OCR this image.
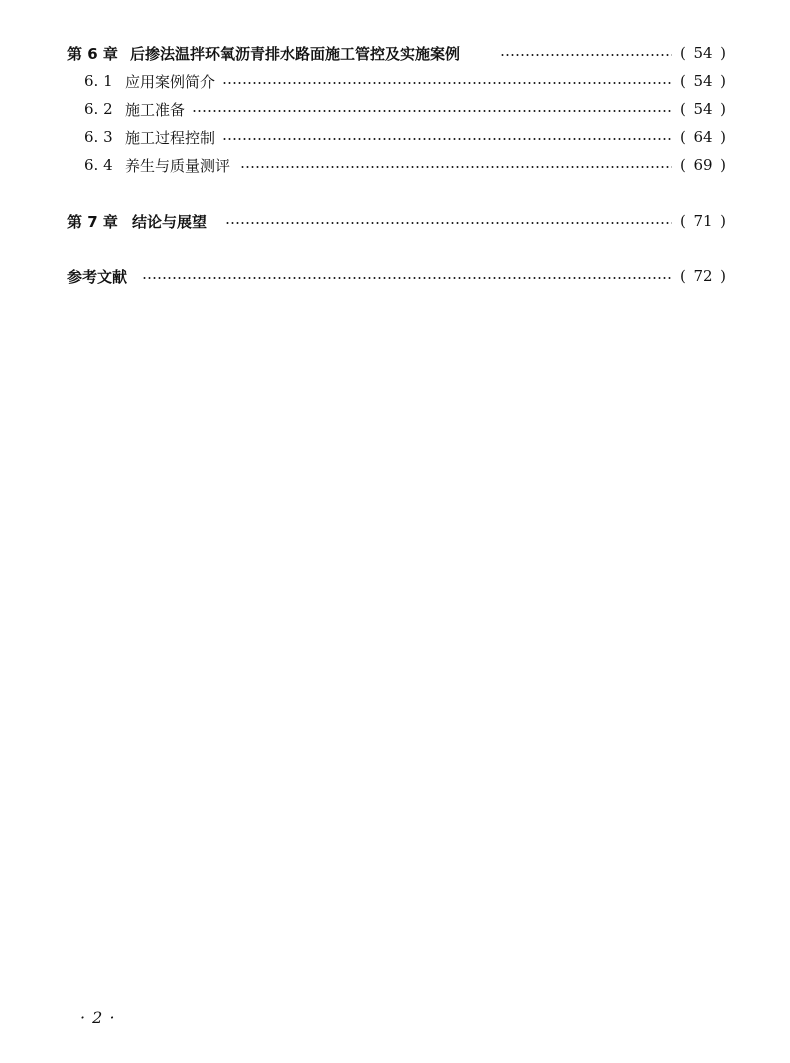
第 6 章 后掺法温拌环氧沥青排水路面施工管控及实施案例	( 54 )
6. 1 应用案例简介	( 54 )
6. 2 施工准备	( 54 )
6. 3 施工过程控制	( 64 )
6. 4 养生与质量测评	( 69 )
第 7 章 结论与展望	( 71 )
参考文献	( 72 )
· 2 ·
